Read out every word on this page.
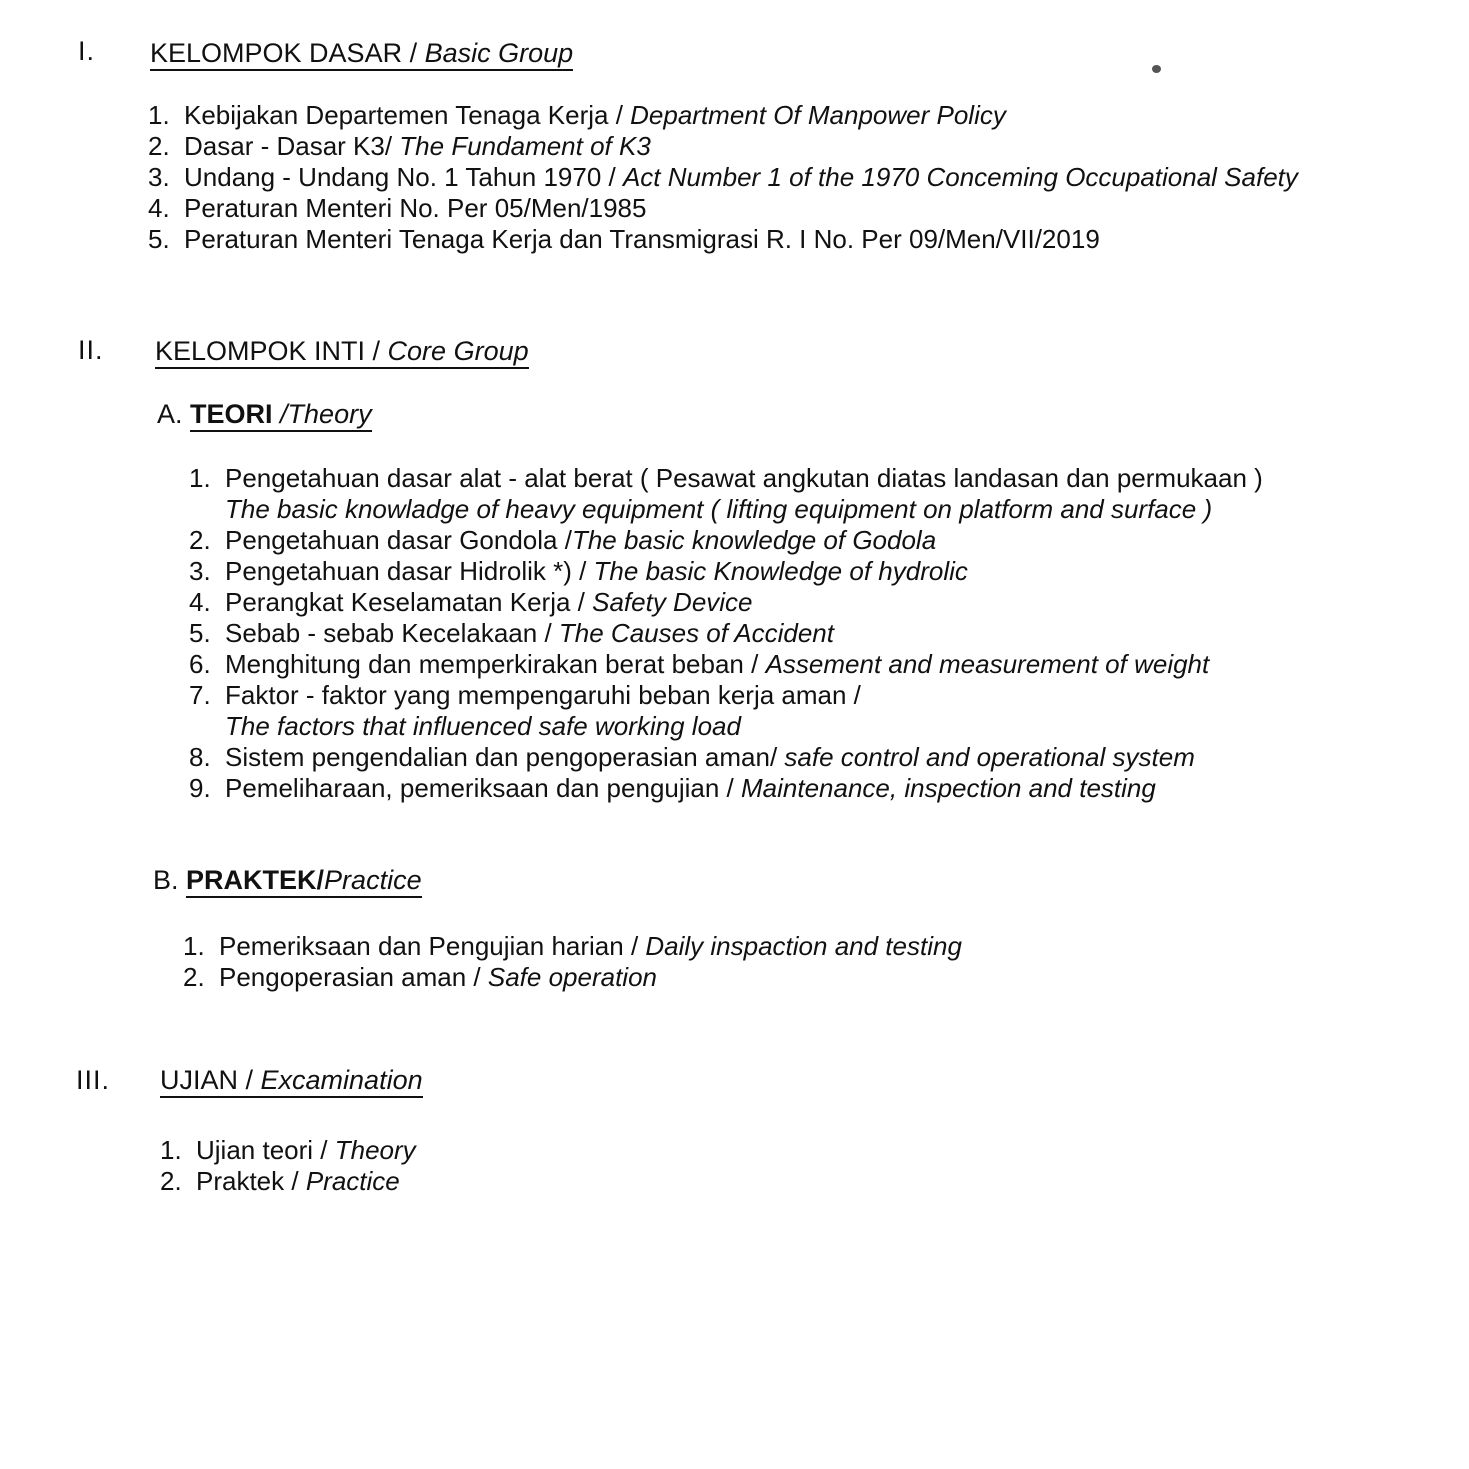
I. KELOMPOK DASAR / Basic Group
1. Kebijakan Departemen Tenaga Kerja / Department Of Manpower Policy
2. Dasar - Dasar K3/ The Fundament of K3
3. Undang - Undang No. 1 Tahun 1970 / Act Number 1 of the 1970 Conceming Occupational Safety
4. Peraturan Menteri No. Per 05/Men/1985
5. Peraturan Menteri Tenaga Kerja dan Transmigrasi R. I No. Per 09/Men/VII/2019
II. KELOMPOK INTI / Core Group
A. TEORI /Theory
1. Pengetahuan dasar alat - alat berat ( Pesawat angkutan diatas landasan dan permukaan )
The basic knowladge of heavy equipment ( lifting equipment on platform and surface )
2. Pengetahuan dasar Gondola /The basic knowledge of Godola
3. Pengetahuan dasar Hidrolik *) / The basic Knowledge of hydrolic
4. Perangkat Keselamatan Kerja / Safety Device
5. Sebab - sebab Kecelakaan / The Causes of Accident
6. Menghitung dan memperkirakan berat beban / Assement and measurement of weight
7. Faktor - faktor yang mempengaruhi beban kerja aman /
The factors that influenced safe working load
8. Sistem pengendalian dan pengoperasian aman/ safe control and operational system
9. Pemeliharaan, pemeriksaan dan pengujian / Maintenance, inspection and testing
B. PRAKTEK/Practice
1. Pemeriksaan dan Pengujian harian / Daily inspaction and testing
2. Pengoperasian aman / Safe operation
III. UJIAN / Excamination
1. Ujian teori / Theory
2. Praktek / Practice
